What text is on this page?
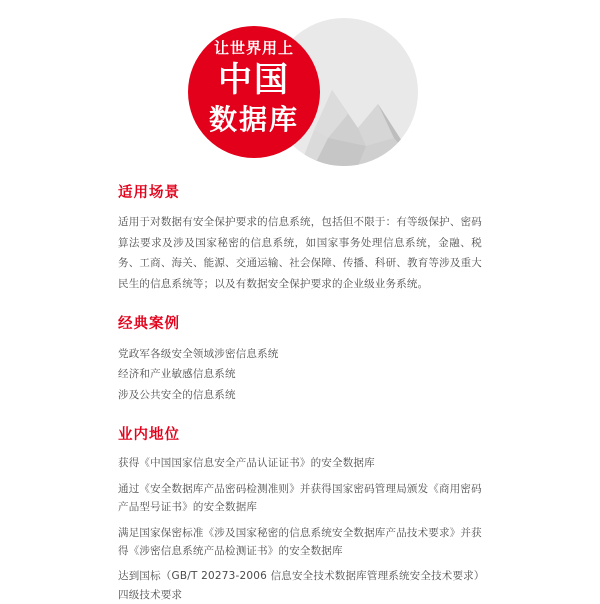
让世界用上
中国
数据库
适用场景

适用于对数据有安全保护要求的信息系统，包括但不限于：有等级保护、密码算法要求及涉及国家秘密的信息系统，如国家事务处理信息系统，金融、税务、工商、海关、能源、交通运输、社会保障、传播、科研、教育等涉及重大民生的信息系统等；以及有数据安全保护要求的企业级业务系统。

经典案例
党政军各级安全领域涉密信息系统
经济和产业敏感信息系统
涉及公共安全的信息系统
业内地位
获得《中国国家信息安全产品认证证书》的安全数据库
通过《安全数据库产品密码检测准则》并获得国家密码管理局颁发《商用密码产品型号证书》的安全数据库
满足国家保密标准《涉及国家秘密的信息系统安全数据库产品技术要求》并获得《涉密信息系统产品检测证书》的安全数据库
达到国标（GB/T 20273-2006 信息安全技术数据库管理系统安全技术要求）四级技术要求
